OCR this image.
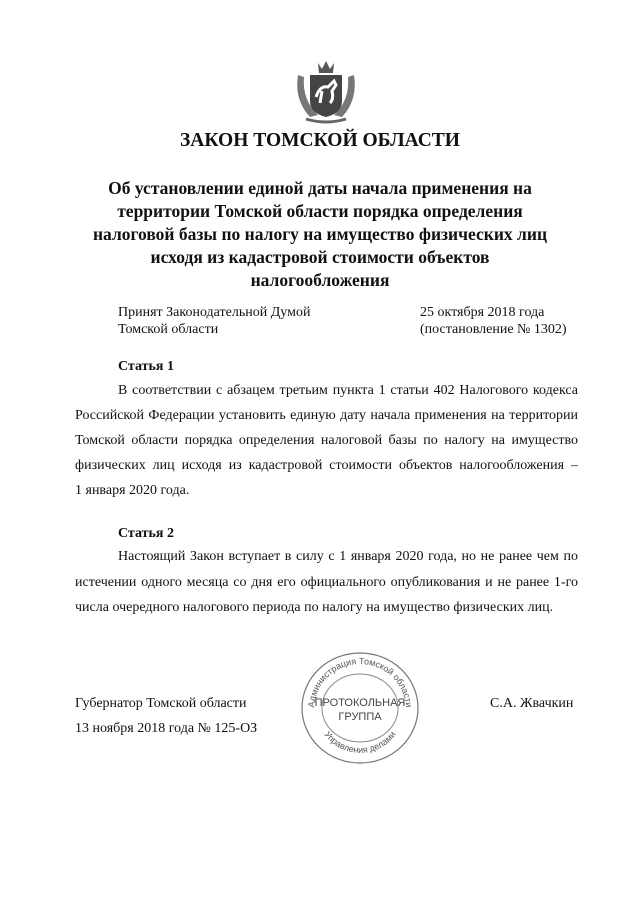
ЗАКОН ТОМСКОЙ ОБЛАСТИ
Об установлении единой даты начала применения на
территории Томской области порядка определения
налоговой базы по налогу на имущество физических лиц
исходя из кадастровой стоимости объектов
налогообложения
Принят Законодательной Думой
Томской области
25 октября 2018 года
(постановление № 1302)
Статья 1
В соответствии с абзацем третьим пункта 1 статьи 402 Налогового кодекса
Российской Федерации установить единую дату начала применения на территории
Томской области порядка определения налоговой базы по налогу на имущество
физических лиц исходя из кадастровой стоимости объектов налогообложения –
1 января 2020 года.
Статья 2
Настоящий Закон вступает в силу с 1 января 2020 года, но не ранее чем по
истечении одного месяца со дня его официального опубликования и не ранее 1-го
числа очередного налогового периода по налогу на имущество физических лиц.
Губернатор Томской области
13 ноября 2018 года № 125-ОЗ
С.А. Жвачкин
Администрация Томской области
Управления делами
ПРОТОКОЛЬНАЯ
ГРУППА
